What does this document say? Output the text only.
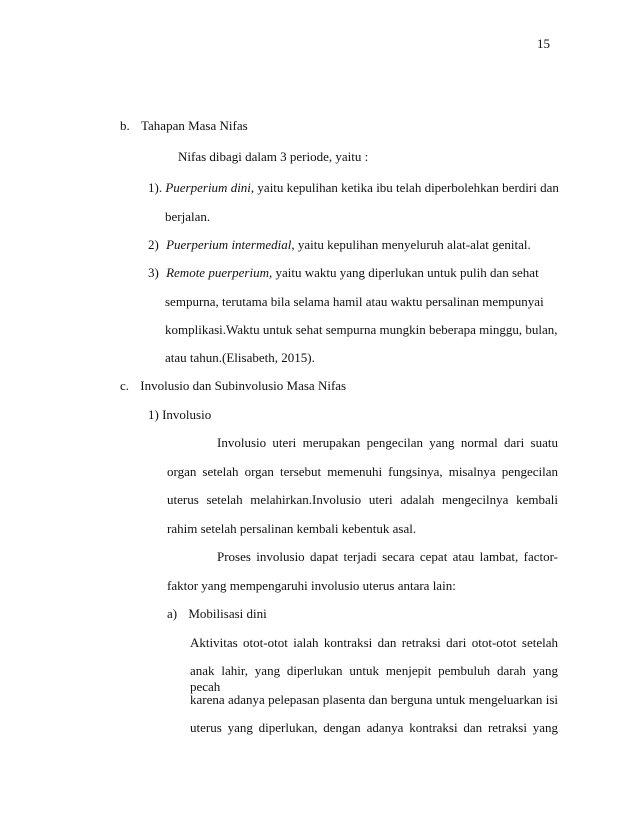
15
b. Tahapan Masa Nifas
Nifas dibagi dalam 3 periode, yaitu :
1). Puerperium dini, yaitu kepulihan ketika ibu telah diperbolehkan berdiri dan
berjalan.
2) Puerperium intermedial, yaitu kepulihan menyeluruh alat-alat genital.
3) Remote puerperium, yaitu waktu yang diperlukan untuk pulih dan sehat
sempurna, terutama bila selama hamil atau waktu persalinan mempunyai
komplikasi.Waktu untuk sehat sempurna mungkin beberapa minggu, bulan,
atau tahun.(Elisabeth, 2015).
c. Involusio dan Subinvolusio Masa Nifas
1) Involusio
Involusio uteri merupakan pengecilan yang normal dari suatu
organ setelah organ tersebut memenuhi fungsinya, misalnya pengecilan
uterus setelah melahirkan.Involusio uteri adalah mengecilnya kembali
rahim setelah persalinan kembali kebentuk asal.
Proses involusio dapat terjadi secara cepat atau lambat, factor-
faktor yang mempengaruhi involusio uterus antara lain:
a) Mobilisasi dini
Aktivitas otot-otot ialah kontraksi dan retraksi dari otot-otot setelah
anak lahir, yang diperlukan untuk menjepit pembuluh darah yang pecah
karena adanya pelepasan plasenta dan berguna untuk mengeluarkan isi
uterus yang diperlukan, dengan adanya kontraksi dan retraksi yang
